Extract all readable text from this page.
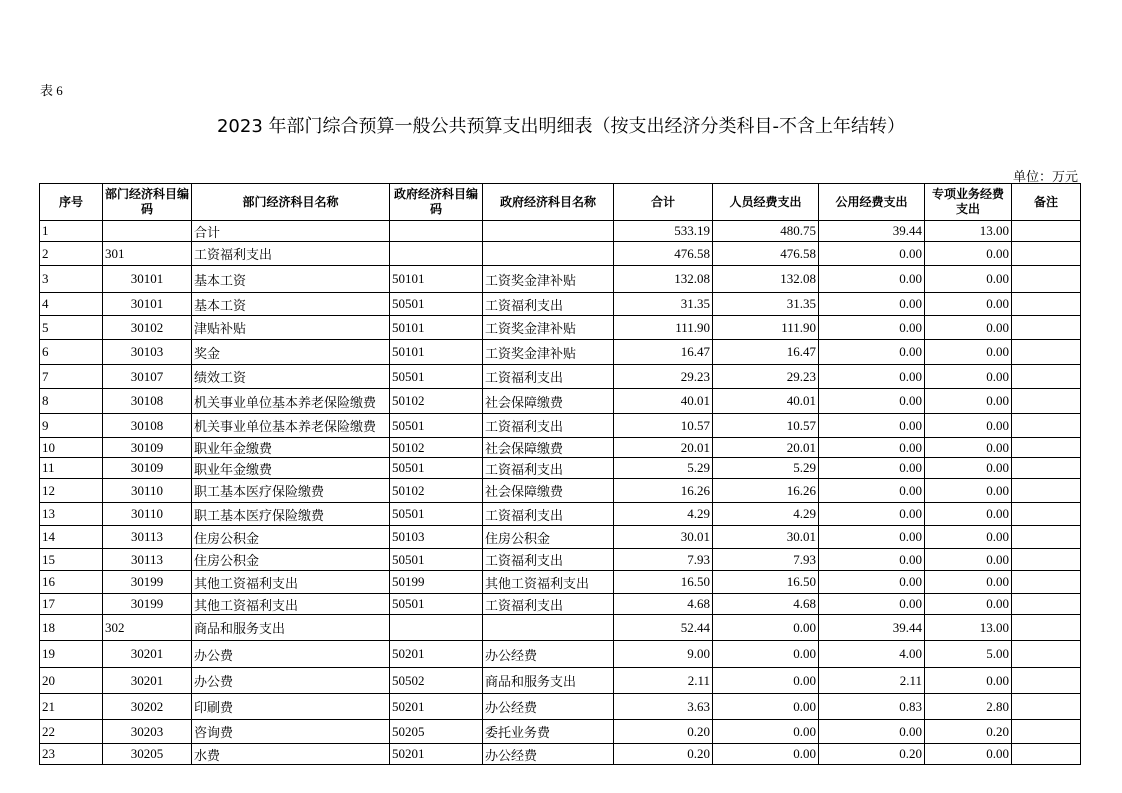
表 6
2023 年部门综合预算一般公共预算支出明细表（按支出经济分类科目-不含上年结转）
单位：万元
序号	部门经济科目编码	部门经济科目名称	政府经济科目编码	政府经济科目名称	合计	人员经费支出	公用经费支出	专项业务经费支出	备注
1		合计			533.19	480.75	39.44	13.00	
2	301	工资福利支出			476.58	476.58	0.00	0.00	
3	30101	基本工资	50101	工资奖金津补贴	132.08	132.08	0.00	0.00	
4	30101	基本工资	50501	工资福利支出	31.35	31.35	0.00	0.00	
5	30102	津贴补贴	50101	工资奖金津补贴	111.90	111.90	0.00	0.00	
6	30103	奖金	50101	工资奖金津补贴	16.47	16.47	0.00	0.00	
7	30107	绩效工资	50501	工资福利支出	29.23	29.23	0.00	0.00	
8	30108	机关事业单位基本养老保险缴费	50102	社会保障缴费	40.01	40.01	0.00	0.00	
9	30108	机关事业单位基本养老保险缴费	50501	工资福利支出	10.57	10.57	0.00	0.00	
10	30109	职业年金缴费	50102	社会保障缴费	20.01	20.01	0.00	0.00	
11	30109	职业年金缴费	50501	工资福利支出	5.29	5.29	0.00	0.00	
12	30110	职工基本医疗保险缴费	50102	社会保障缴费	16.26	16.26	0.00	0.00	
13	30110	职工基本医疗保险缴费	50501	工资福利支出	4.29	4.29	0.00	0.00	
14	30113	住房公积金	50103	住房公积金	30.01	30.01	0.00	0.00	
15	30113	住房公积金	50501	工资福利支出	7.93	7.93	0.00	0.00	
16	30199	其他工资福利支出	50199	其他工资福利支出	16.50	16.50	0.00	0.00	
17	30199	其他工资福利支出	50501	工资福利支出	4.68	4.68	0.00	0.00	
18	302	商品和服务支出			52.44	0.00	39.44	13.00	
19	30201	办公费	50201	办公经费	9.00	0.00	4.00	5.00	
20	30201	办公费	50502	商品和服务支出	2.11	0.00	2.11	0.00	
21	30202	印刷费	50201	办公经费	3.63	0.00	0.83	2.80	
22	30203	咨询费	50205	委托业务费	0.20	0.00	0.00	0.20	
23	30205	水费	50201	办公经费	0.20	0.00	0.20	0.00	
